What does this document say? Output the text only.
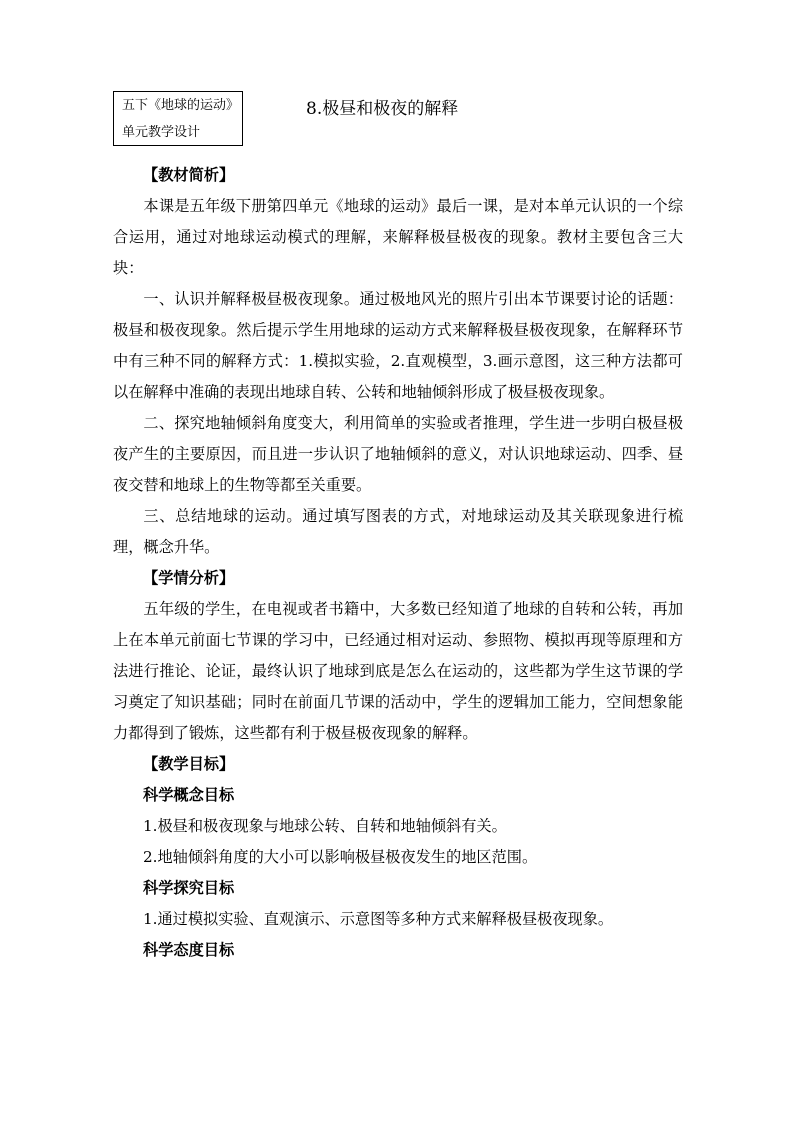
五下《地球的运动》
单元教学设计
8.极昼和极夜的解释

【教材简析】

本课是五年级下册第四单元《地球的运动》最后一课，是对本单元认识的一个综合运用，通过对地球运动模式的理解，来解释极昼极夜的现象。教材主要包含三大块：

一、认识并解释极昼极夜现象。通过极地风光的照片引出本节课要讨论的话题：极昼和极夜现象。然后提示学生用地球的运动方式来解释极昼极夜现象，在解释环节中有三种不同的解释方式：1.模拟实验，2.直观模型，3.画示意图，这三种方法都可以在解释中准确的表现出地球自转、公转和地轴倾斜形成了极昼极夜现象。

二、探究地轴倾斜角度变大，利用简单的实验或者推理，学生进一步明白极昼极夜产生的主要原因，而且进一步认识了地轴倾斜的意义，对认识地球运动、四季、昼夜交替和地球上的生物等都至关重要。

三、总结地球的运动。通过填写图表的方式，对地球运动及其关联现象进行梳理，概念升华。

【学情分析】

五年级的学生，在电视或者书籍中，大多数已经知道了地球的自转和公转，再加上在本单元前面七节课的学习中，已经通过相对运动、参照物、模拟再现等原理和方法进行推论、论证，最终认识了地球到底是怎么在运动的，这些都为学生这节课的学习奠定了知识基础；同时在前面几节课的活动中，学生的逻辑加工能力，空间想象能力都得到了锻炼，这些都有利于极昼极夜现象的解释。

【教学目标】

科学概念目标

1.极昼和极夜现象与地球公转、自转和地轴倾斜有关。

2.地轴倾斜角度的大小可以影响极昼极夜发生的地区范围。

科学探究目标

1.通过模拟实验、直观演示、示意图等多种方式来解释极昼极夜现象。

科学态度目标
